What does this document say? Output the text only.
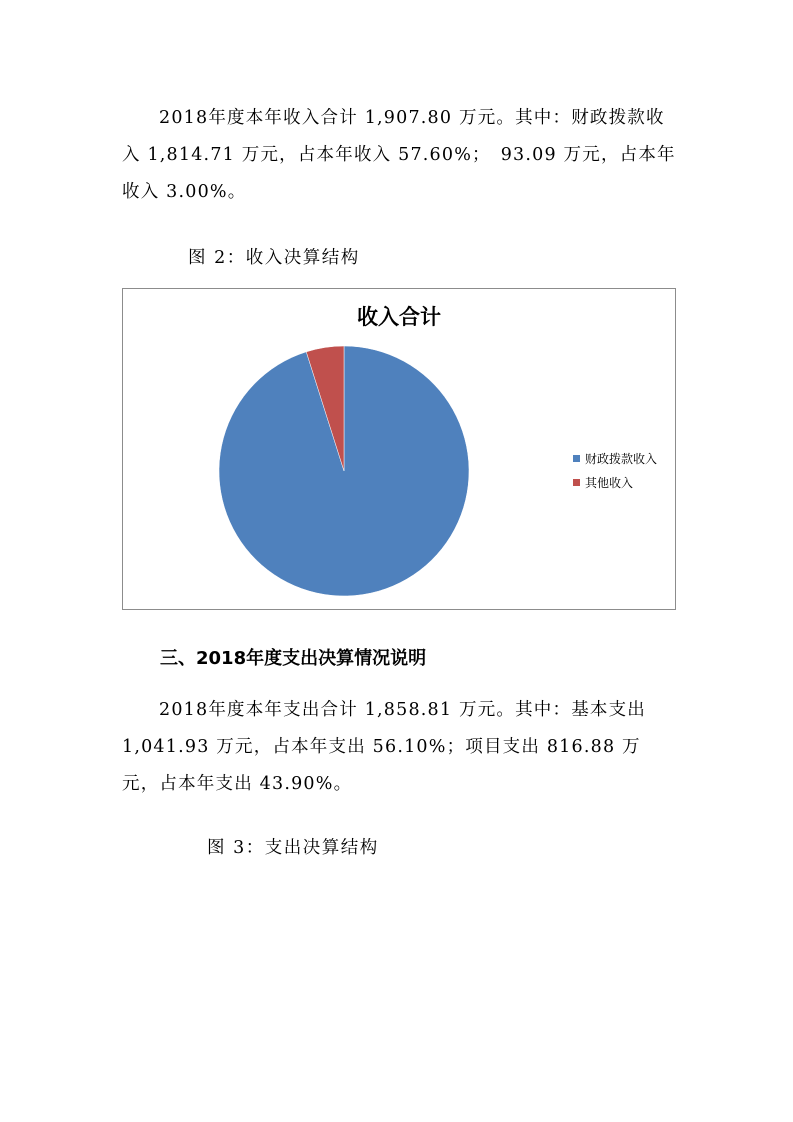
2018年度本年收入合计 1,907.80 万元。其中：财政拨款收入 1,814.71 万元，占本年收入 57.60%；　93.09 万元，占本年收入 3.00%。

图 2：收入决算结构

收入合计

财政拨款收入
其他收入

三、2018年度支出决算情况说明

2018年度本年支出合计 1,858.81 万元。其中：基本支出 1,041.93 万元，占本年支出 56.10%；项目支出 816.88 万元，占本年支出 43.90%。

图 3：支出决算结构
